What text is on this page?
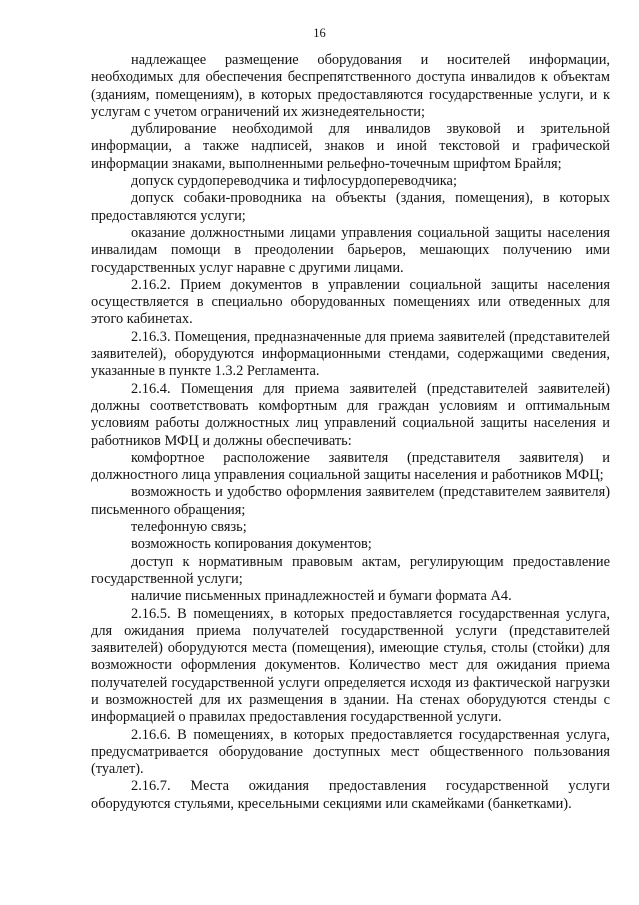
16

надлежащее размещение оборудования и носителей информации, необходимых для обеспечения беспрепятственного доступа инвалидов к объектам (зданиям, помещениям), в которых предоставляются государственные услуги, и к услугам с учетом ограничений их жизнедеятельности;

дублирование необходимой для инвалидов звуковой и зрительной информации, а также надписей, знаков и иной текстовой и графической информации знаками, выполненными рельефно-точечным шрифтом Брайля;

допуск сурдопереводчика и тифлосурдопереводчика;

допуск собаки-проводника на объекты (здания, помещения), в которых предоставляются услуги;

оказание должностными лицами управления социальной защиты населения инвалидам помощи в преодолении барьеров, мешающих получению ими государственных услуг наравне с другими лицами.

2.16.2. Прием документов в управлении социальной защиты населения осуществляется в специально оборудованных помещениях или отведенных для этого кабинетах.

2.16.3. Помещения, предназначенные для приема заявителей (представителей заявителей), оборудуются информационными стендами, содержащими сведения, указанные в пункте 1.3.2 Регламента.

2.16.4. Помещения для приема заявителей (представителей заявителей) должны соответствовать комфортным для граждан условиям и оптимальным условиям работы должностных лиц управлений социальной защиты населения и работников МФЦ и должны обеспечивать:

комфортное расположение заявителя (представителя заявителя) и должностного лица управления социальной защиты населения и работников МФЦ;

возможность и удобство оформления заявителем (представителем заявителя) письменного обращения;

телефонную связь;

возможность копирования документов;

доступ к нормативным правовым актам, регулирующим предоставление государственной услуги;

наличие письменных принадлежностей и бумаги формата А4.

2.16.5. В помещениях, в которых предоставляется государственная услуга, для ожидания приема получателей государственной услуги (представителей заявителей) оборудуются места (помещения), имеющие стулья, столы (стойки) для возможности оформления документов. Количество мест для ожидания приема получателей государственной услуги определяется исходя из фактической нагрузки и возможностей для их размещения в здании. На стенах оборудуются стенды с информацией о правилах предоставления государственной услуги.

2.16.6. В помещениях, в которых предоставляется государственная услуга, предусматривается оборудование доступных мест общественного пользования (туалет).

2.16.7. Места ожидания предоставления государственной услуги оборудуются стульями, кресельными секциями или скамейками (банкетками).
